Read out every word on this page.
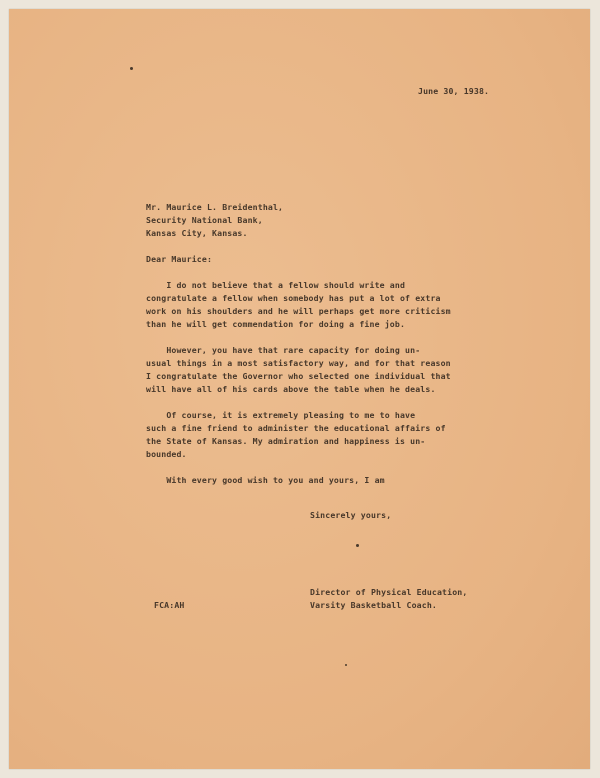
June 30, 1938.
Mr. Maurice L. Breidenthal,
Security National Bank,
Kansas City, Kansas.
Dear Maurice:
I do not believe that a fellow should write and
congratulate a fellow when somebody has put a lot of extra
work on his shoulders and he will perhaps get more criticism
than he will get commendation for doing a fine job.
However, you have that rare capacity for doing un-
usual things in a most satisfactory way, and for that reason
I congratulate the Governor who selected one individual that
will have all of his cards above the table when he deals.
Of course, it is extremely pleasing to me to have
such a fine friend to administer the educational affairs of
the State of Kansas. My admiration and happiness is un-
bounded.
With every good wish to you and yours, I am
Sincerely yours,
Director of Physical Education,
Varsity Basketball Coach.
FCA:AH
